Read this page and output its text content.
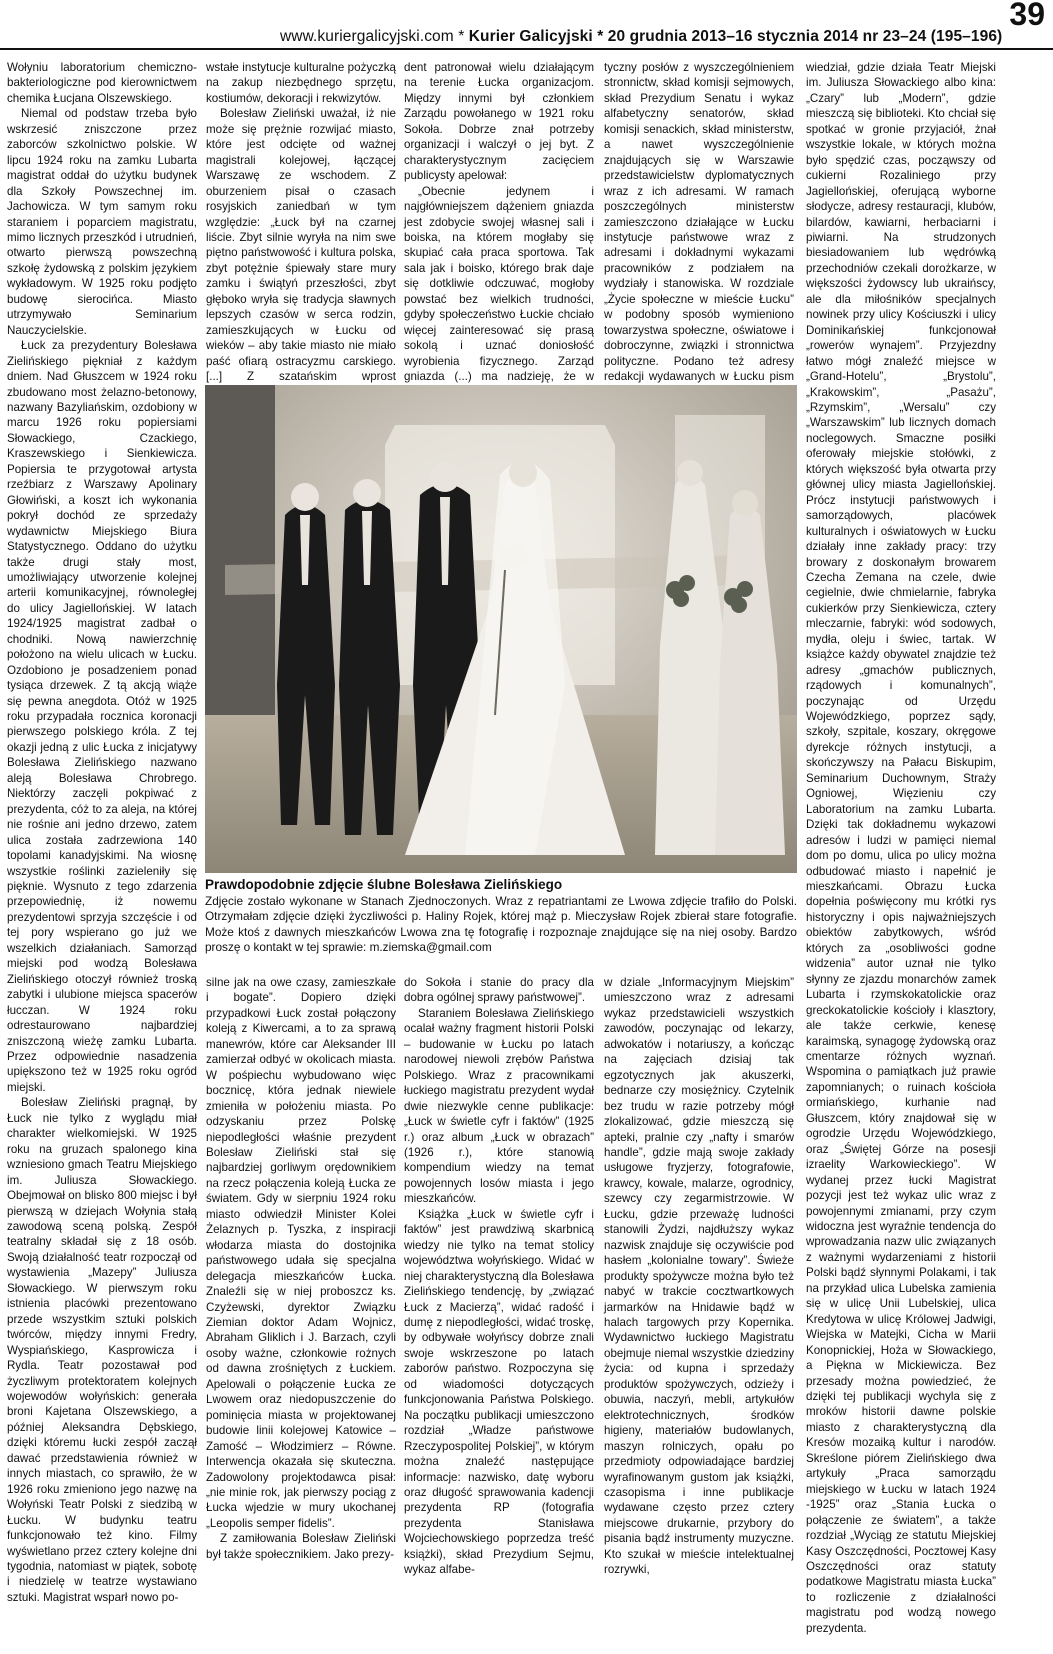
www.kuriergalicyjski.com * Kurier Galicyjski * 20 grudnia 2013–16 stycznia 2014 nr 23–24 (195–196)
39

Wołyniu laboratorium chemiczno-bakteriologiczne pod kierownictwem chemika Łucjana Olszewskiego.

Niemal od podstaw trzeba było wskrzesić zniszczone przez zaborców szkolnictwo polskie. W lipcu 1924 roku na zamku Lubarta magistrat oddał do użytku budynek dla Szkoły Powszechnej im. Jachowicza. W tym samym roku staraniem i poparciem magistratu, mimo licznych przeszkód i utrudnień, otwarto pierwszą powszechną szkołę żydowską z polskim językiem wykładowym. W 1925 roku podjęto budowę sierocińca. Miasto utrzymywało Seminarium Nauczycielskie.

Łuck za prezydentury Bolesława Zielińskiego piękniał z każdym dniem. Nad Głuszcem w 1924 roku zbudowano most żelazno-betonowy, nazwany Bazyliańskim, ozdobiony w marcu 1926 roku popiersiami Słowackiego, Czackiego, Kraszewskiego i Sienkiewicza. Popiersia te przygotował artysta rzeźbiarz z Warszawy Apolinary Głowiński, a koszt ich wykonania pokrył dochód ze sprzedaży wydawnictw Miejskiego Biura Statystycznego. Oddano do użytku także drugi stały most, umożliwiający utworzenie kolejnej arterii komunikacyjnej, równoległej do ulicy Jagiellońskiej. W latach 1924/1925 magistrat zadbał o chodniki. Nową nawierzchnię położono na wielu ulicach w Łucku. Ozdobiono je posadzeniem ponad tysiąca drzewek. Z tą akcją wiąże się pewna anegdota. Otóż w 1925 roku przypadała rocznica koronacji pierwszego polskiego króla. Z tej okazji jedną z ulic Łucka z inicjatywy Bolesława Zielińskiego nazwano aleją Bolesława Chrobrego. Niektórzy zaczęli pokpiwać z prezydenta, cóż to za aleja, na której nie rośnie ani jedno drzewo, zatem ulica została zadrzewiona 140 topolami kanadyjskimi. Na wiosnę wszystkie roślinki zazieleniły się pięknie. Wysnuto z tego zdarzenia przepowiednię, iż nowemu prezydentowi sprzyja szczęście i od tej pory wspierano go już we wszelkich działaniach. Samorząd miejski pod wodzą Bolesława Zielińskiego otoczył również troską zabytki i ulubione miejsca spacerów łucczan. W 1924 roku odrestaurowano najbardziej zniszczoną wieżę zamku Lubarta. Przez odpowiednie nasadzenia upiększono też w 1925 roku ogród miejski.

Bolesław Zieliński pragnął, by Łuck nie tylko z wyglądu miał charakter wielkomiejski. W 1925 roku na gruzach spalonego kina wzniesiono gmach Teatru Miejskiego im. Juliusza Słowackiego. Obejmował on blisko 800 miejsc i był pierwszą w dziejach Wołynia stałą zawodową sceną polską. Zespół teatralny składał się z 18 osób. Swoją działalność teatr rozpoczął od wystawienia „Mazepy” Juliusza Słowackiego. W pierwszym roku istnienia placówki prezentowano przede wszystkim sztuki polskich twórców, między innymi Fredry, Wyspiańskiego, Kasprowicza i Rydla. Teatr pozostawał pod życzliwym protektoratem kolejnych wojewodów wołyńskich: generała broni Kajetana Olszewskiego, a później Aleksandra Dębskiego, dzięki któremu łucki zespół zaczął dawać przedstawienia również w innych miastach, co sprawiło, że w 1926 roku zmieniono jego nazwę na Wołyński Teatr Polski z siedzibą w Łucku. W budynku teatru funkcjonowało też kino. Filmy wyświetlano przez cztery kolejne dni tygodnia, natomiast w piątek, sobotę i niedzielę w teatrze wystawiano sztuki. Magistrat wsparł nowo po-

wstałe instytucje kulturalne pożyczką na zakup niezbędnego sprzętu, kostiumów, dekoracji i rekwizytów.

Bolesław Zieliński uważał, iż nie może się prężnie rozwijać miasto, które jest odcięte od ważnej magistrali kolejowej, łączącej Warszawę ze wschodem. Z oburzeniem pisał o czasach rosyjskich zaniedbań w tym względzie: „Łuck był na czarnej liście. Zbyt silnie wyryła na nim swe piętno państwowość i kultura polska, zbyt potężnie śpiewały stare mury zamku i świątyń przeszłości, zbyt głęboko wryła się tradycja sławnych lepszych czasów w serca rodzin, zamieszkujących w Łucku od wieków – aby takie miasto nie miało paść ofiarą ostracyzmu carskiego. [...] Z szatańskim wprost

dent patronował wielu działającym na terenie Łucka organizacjom. Między innymi był członkiem Zarządu powołanego w 1921 roku Sokoła. Dobrze znał potrzeby organizacji i walczył o jej byt. Z charakterystycznym zacięciem publicysty apelował:

„Obecnie jedynem i najgłówniejszem dążeniem gniazda jest zdobycie swojej własnej sali i boiska, na którem mogłaby się skupiać cała praca sportowa. Tak sala jak i boisko, którego brak daje się dotkliwie odczuwać, mogłoby powstać bez wielkich trudności, gdyby społeczeństwo Łuckie chciało więcej zainteresować się prasą sokolą i uznać doniosłość wyrobienia fizycznego. Zarząd gniazda (...) ma nadzieję, że w

tyczny posłów z wyszczególnieniem stronnictw, skład komisji sejmowych, skład Prezydium Senatu i wykaz alfabetyczny senatorów, skład komisji senackich, skład ministerstw, a nawet wyszczególnienie znajdujących się w Warszawie przedstawicielstw dyplomatycznych wraz z ich adresami. W ramach poszczególnych ministerstw zamieszczono działające w Łucku instytucje państwowe wraz z adresami i dokładnymi wykazami pracowników z podziałem na wydziały i stanowiska. W rozdziale „Życie społeczne w mieście Łucku” w podobny sposób wymieniono towarzystwa społeczne, oświatowe i dobroczynne, związki i stronnictwa polityczne. Podano też adresy redakcji wydawanych w Łucku pism

wiedział, gdzie działa Teatr Miejski im. Juliusza Słowackiego albo kina: „Czary” lub „Modern”, gdzie mieszczą się biblioteki. Kto chciał się spotkać w gronie przyjaciół, żnał wszystkie lokale, w których można było spędzić czas, począwszy od cukierni Rozaliniego przy Jagiellońskiej, oferującą wyborne słodycze, adresy restauracji, klubów, bilardów, kawiarni, herbaciarni i piwiarni. Na strudzonych biesiadowaniem lub wędrówką przechodniów czekali dorożkarze, w większości żydowscy lub ukraińscy, ale dla miłośników specjalnych nowinek przy ulicy Kościuszki i ulicy Dominikańskiej funkcjonował „rowerów wynajem”. Przyjezdny łatwo mógł znaleźć miejsce w „Grand-Hotelu”, „Brystolu”, „Krakowskim”, „Pasażu”, „Rzymskim”, „Wersalu” czy „Warszawskim” lub licznych domach noclegowych. Smaczne posiłki oferowały miejskie stołówki, z których większość była otwarta przy głównej ulicy miasta Jagiellońskiej. Prócz instytucji państwowych i samorządowych, placówek kulturalnych i oświatowych w Łucku działały inne zakłady pracy: trzy browary z doskonałym browarem Czecha Zemana na czele, dwie cegielnie, dwie chmielarnie, fabryka cukierków przy Sienkiewicza, cztery mleczarnie, fabryki: wód sodowych, mydła, oleju i świec, tartak. W książce każdy obywatel znajdzie też adresy „gmachów publicznych, rządowych i komunalnych”, poczynając od Urzędu Wojewódzkiego, poprzez sądy, szkoły, szpitale, koszary, okręgowe dyrekcje różnych instytucji, a skończywszy na Pałacu Biskupim, Seminarium Duchownym, Straży Ogniowej, Więzieniu czy Laboratorium na zamku Lubarta. Dzięki tak dokładnemu wykazowi adresów i ludzi w pamięci niemal dom po domu, ulica po ulicy można odbudować miasto i napełnić je mieszkańcami. Obrazu Łucka dopełnia poświęcony mu krótki rys historyczny i opis najważniejszych obiektów zabytkowych, wśród których za „osobliwości godne widzenia” autor uznał nie tylko słynny ze zjazdu monarchów zamek Lubarta i rzymskokatolickie oraz greckokatolickie kościoły i klasztory, ale także cerkwie, kenesę karaimską, synagogę żydowską oraz cmentarze różnych wyznań. Wspomina o pamiątkach już prawie zapomnianych; o ruinach kościoła ormiańskiego, kurhanie nad Głuszcem, który znajdował się w ogrodzie Urzędu Wojewódzkiego, oraz „Świętej Górze na posesji izraelity Warkowieckiego”. W wydanej przez łucki Magistrat pozycji jest też wykaz ulic wraz z powojennymi zmianami, przy czym widoczna jest wyraźnie tendencja do wprowadzania nazw ulic związanych z ważnymi wydarzeniami z historii Polski bądź słynnymi Polakami, i tak na przykład ulica Lubelska zamienia się w ulicę Unii Lubelskiej, ulica Kredytowa w ulicę Królowej Jadwigi, Wiejska w Matejki, Cicha w Marii Konopnickiej, Hoża w Słowackiego, a Piękna w Mickiewicza. Bez przesady można powiedzieć, że dzięki tej publikacji wychyla się z mroków historii dawne polskie miasto z charakterystyczną dla Kresów mozaiką kultur i narodów. Skreślone piórem Zielińskiego dwa artykuły „Praca samorządu miejskiego w Łucku w latach 1924 -1925” oraz „Stania Łucka o połączenie ze światem”, a także rozdział „Wyciąg ze statutu Miejskiej Kasy Oszczędności, Pocztowej Kasy Oszczędności oraz statuty podatkowe Magistratu miasta Łucka” to rozliczenie z działalności magistratu pod wodzą nowego prezydenta.

Prawdopodobnie zdjęcie ślubne Bolesława Zielińskiego
Zdjęcie zostało wykonane w Stanach Zjednoczonych. Wraz z repatriantami ze Lwowa zdjęcie trafiło do Polski. Otrzymałam zdjęcie dzięki życzliwości p. Haliny Rojek, której mąż p. Mieczysław Rojek zbierał stare fotografie. Może ktoś z dawnych mieszkańców Lwowa zna tę fotografię i rozpoznaje znajdujące się na niej osoby. Bardzo proszę o kontakt w tej sprawie: m.ziemska@gmail.com

silne jak na owe czasy, zamieszkałe i bogate”. Dopiero dzięki przypadkowi Łuck został połączony koleją z Kiwercami, a to za sprawą manewrów, które car Aleksander III zamierzał odbyć w okolicach miasta. W pośpiechu wybudowano więc bocznicę, która jednak niewiele zmieniła w położeniu miasta. Po odzyskaniu przez Polskę niepodległości właśnie prezydent Bolesław Zieliński stał się najbardziej gorliwym orędownikiem na rzecz połączenia koleją Łucka ze światem. Gdy w sierpniu 1924 roku miasto odwiedził Minister Kolei Żelaznych p. Tyszka, z inspiracji włodarza miasta do dostojnika państwowego udała się specjalna delegacja mieszkańców Łucka. Znaleźli się w niej proboszcz ks. Czyżewski, dyrektor Związku Ziemian doktor Adam Wojnicz, Abraham Gliklich i J. Barzach, czyli osoby ważne, członkowie rożnych od dawna zrośniętych z Łuckiem. Apelowali o połączenie Łucka ze Lwowem oraz niedopuszczenie do pominięcia miasta w projektowanej budowie linii kolejowej Katowice – Zamość – Włodzimierz – Równe. Interwencja okazała się skuteczna. Zadowolony projektodawca pisał: „nie minie rok, jak pierwszy pociąg z Łucka wjedzie w mury ukochanej „Leopolis semper fidelis”.

Z zamiłowania Bolesław Zieliński był także społecznikiem. Jako prezy-

do Sokoła i stanie do pracy dla dobra ogólnej sprawy państwowej”.

Staraniem Bolesława Zielińskiego ocalał ważny fragment historii Polski – budowanie w Łucku po latach narodowej niewoli zrębów Państwa Polskiego. Wraz z pracownikami łuckiego magistratu prezydent wydał dwie niezwykle cenne publikacje: „Łuck w świetle cyfr i faktów” (1925 r.) oraz album „Łuck w obrazach” (1926 r.), które stanowią kompendium wiedzy na temat powojennych losów miasta i jego mieszkańców.

Książka „Łuck w świetle cyfr i faktów” jest prawdziwą skarbnicą wiedzy nie tylko na temat stolicy województwa wołyńskiego. Widać w niej charakterystyczną dla Bolesława Zielińskiego tendencję, by „związać Łuck z Macierzą”, widać radość i dumę z niepodległości, widać troskę, by odbywałe wołyńscy dobrze znali swoje wskrzeszone po latach zaborów państwo. Rozpoczyna się od wiadomości dotyczących funkcjonowania Państwa Polskiego. Na początku publikacji umieszczono rozdział „Władze państwowe Rzeczypospolitej Polskiej”, w którym można znaleźć następujące informacje: nazwisko, datę wyboru oraz długość sprawowania kadencji prezydenta RP (fotografia prezydenta Stanisława Wojciechowskiego poprzedza treść książki), skład Prezydium Sejmu, wykaz alfabe-

w dziale „Informacyjnym Miejskim” umieszczono wraz z adresami wykaz przedstawicieli wszystkich zawodów, poczynając od lekarzy, adwokatów i notariuszy, a kończąc na zajęciach dzisiaj tak egzotycznych jak akuszerki, bednarze czy mosiężnicy. Czytelnik bez trudu w razie potrzeby mógł zlokalizować, gdzie mieszczą się apteki, pralnie czy „nafty i smarów handle”, gdzie mają swoje zakłady usługowe fryzjerzy, fotografowie, krawcy, kowale, malarze, ogrodnicy, szewcy czy zegarmistrzowie. W Łucku, gdzie przeważę ludności stanowili Żydzi, najdłuższy wykaz nazwisk znajduje się oczywiście pod hasłem „kolonialne towary”. Świeże produkty spożywcze można było też nabyć w trakcie cocztwartkowych jarmarków na Hnidawie bądź w halach targowych przy Kopernika. Wydawnictwo łuckiego Magistratu obejmuje niemal wszystkie dziedziny życia: od kupna i sprzedaży produktów spożywczych, odzieży i obuwia, naczyń, mebli, artykułów elektrotechnicznych, środków higieny, materiałów budowlanych, maszyn rolniczych, opału po przedmioty odpowiadające bardziej wyrafinowanym gustom jak książki, czasopisma i inne publikacje wydawane często przez cztery miejscowe drukarnie, przybory do pisania bądź instrumenty muzyczne. Kto szukał w mieście intelektualnej rozrywki,
